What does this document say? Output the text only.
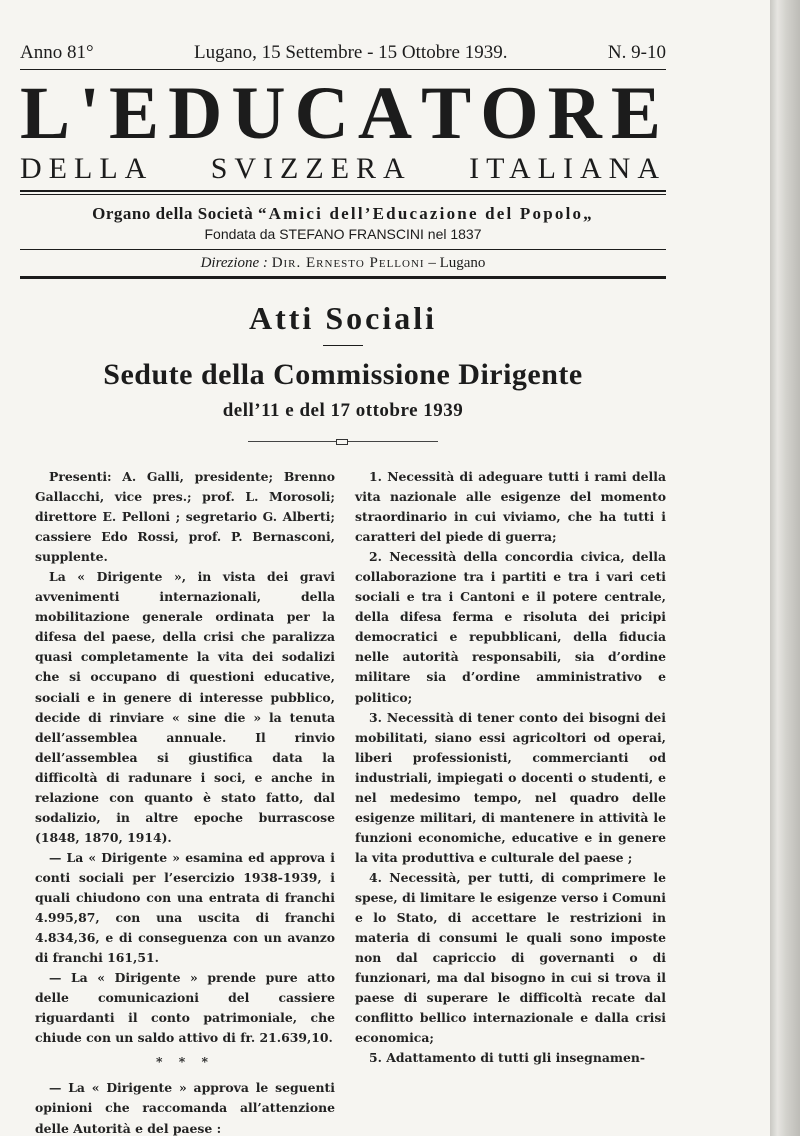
Anno 81°	Lugano, 15 Settembre - 15 Ottobre 1939.	N. 9-10
L ' E D U C A T O R E
DELLA SVIZZERA ITALIANA
Organo della Società “Amici dell’Educazione del Popolo„
Fondata da STEFANO FRANSCINI nel 1837
Direzione : Dir. Ernesto Pelloni – Lugano
Atti Sociali
Sedute della Commissione Dirigente
dell’11 e del 17 ottobre 1939

Presenti: A. Galli, presidente; Brenno Gallacchi, vice pres.; prof. L. Morosoli; direttore E. Pelloni ; segretario G. Alberti; cassiere Edo Rossi, prof. P. Bernasconi, supplente.

La « Dirigente », in vista dei gravi avvenimenti internazionali, della mobilitazione generale ordinata per la difesa del paese, della crisi che paralizza quasi completamente la vita dei sodalizi che si occupano di questioni educative, sociali e in genere di interesse pubblico, decide di rinviare « sine die » la tenuta dell’assemblea annuale. Il rinvio dell’assemblea si giustifica data la difficoltà di radunare i soci, e anche in relazione con quanto è stato fatto, dal sodalizio, in altre epoche burrascose (1848, 1870, 1914).

— La « Dirigente » esamina ed approva i conti sociali per l’esercizio 1938-1939, i quali chiudono con una entrata di franchi 4.995,87, con una uscita di franchi 4.834,36, e di conseguenza con un avanzo di franchi 161,51.

— La « Dirigente » prende pure atto delle comunicazioni del cassiere riguardanti il conto patrimoniale, che chiude con un saldo attivo di fr. 21.639,10.

* * *

— La « Dirigente » approva le seguenti opinioni che raccomanda all’attenzione delle Autorità e del paese :

1. Necessità di adeguare tutti i rami della vita nazionale alle esigenze del momento straordinario in cui viviamo, che ha tutti i caratteri del piede di guerra;

2. Necessità della concordia civica, della collaborazione tra i partiti e tra i vari ceti sociali e tra i Cantoni e il potere centrale, della difesa ferma e risoluta dei pricipi democratici e repubblicani, della fiducia nelle autorità responsabili, sia d’ordine militare sia d’ordine amministrativo e politico;

3. Necessità di tener conto dei bisogni dei mobilitati, siano essi agricoltori od operai, liberi professionisti, commercianti od industriali, impiegati o docenti o studenti, e nel medesimo tempo, nel quadro delle esigenze militari, di mantenere in attività le funzioni economiche, educative e in genere la vita produttiva e culturale del paese ;

4. Necessità, per tutti, di comprimere le spese, di limitare le esigenze verso i Comuni e lo Stato, di accettare le restrizioni in materia di consumi le quali sono imposte non dal capriccio di governanti o di funzionari, ma dal bisogno in cui si trova il paese di superare le difficoltà recate dal conflitto bellico internazionale e dalla crisi economica;

5. Adattamento di tutti gli insegnamen-
